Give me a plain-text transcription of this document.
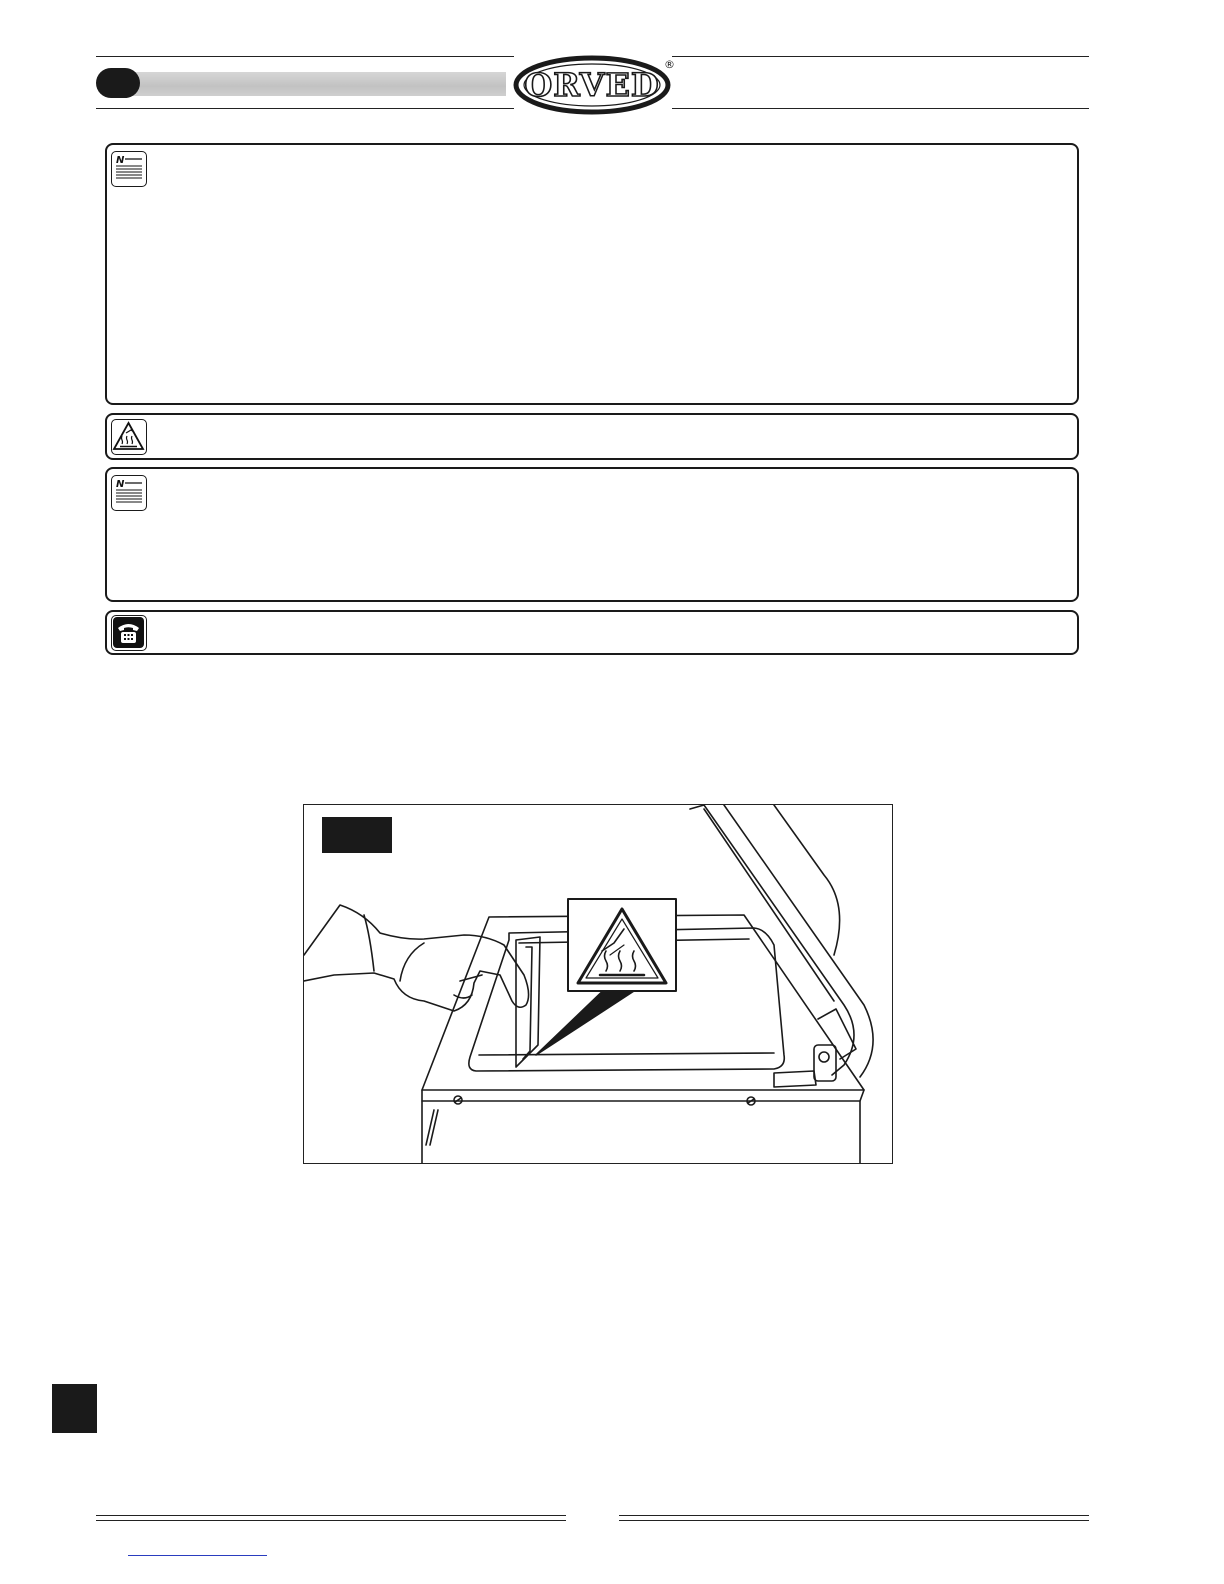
ORVED
®
N
N
